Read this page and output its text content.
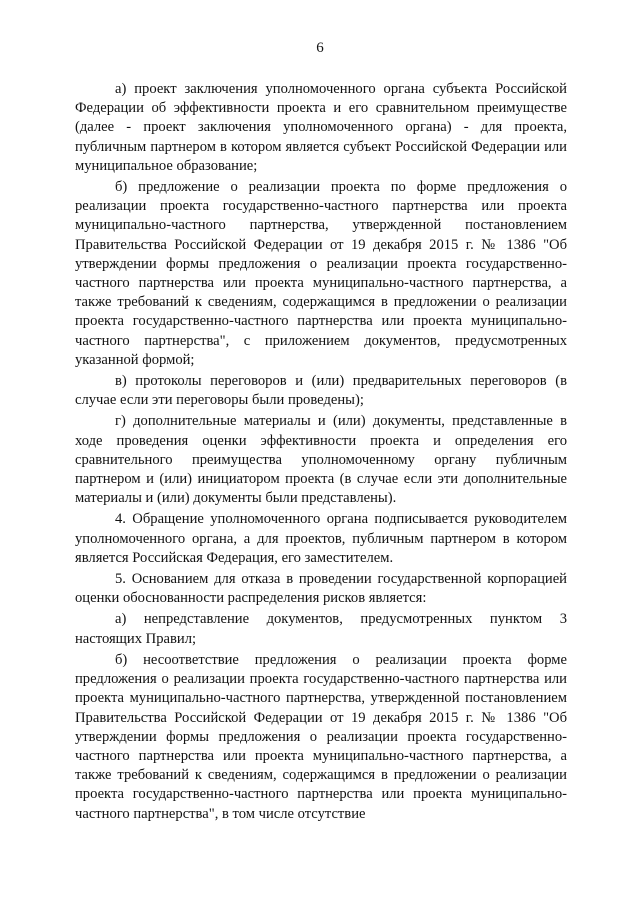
6

а) проект заключения уполномоченного органа субъекта Российской Федерации об эффективности проекта и его сравнительном преимуществе (далее - проект заключения уполномоченного органа) - для проекта, публичным партнером в котором является субъект Российской Федерации или муниципальное образование;

б) предложение о реализации проекта по форме предложения о реализации проекта государственно-частного партнерства или проекта муниципально-частного партнерства, утвержденной постановлением Правительства Российской Федерации от 19 декабря 2015 г. № 1386 "Об утверждении формы предложения о реализации проекта государственно-частного партнерства или проекта муниципально-частного партнерства, а также требований к сведениям, содержащимся в предложении о реализации проекта государственно-частного партнерства или проекта муниципально-частного партнерства", с приложением документов, предусмотренных указанной формой;

в) протоколы переговоров и (или) предварительных переговоров (в случае если эти переговоры были проведены);

г) дополнительные материалы и (или) документы, представленные в ходе проведения оценки эффективности проекта и определения его сравнительного преимущества уполномоченному органу публичным партнером и (или) инициатором проекта (в случае если эти дополнительные материалы и (или) документы были представлены).

4. Обращение уполномоченного органа подписывается руководителем уполномоченного органа, а для проектов, публичным партнером в котором является Российская Федерация, его заместителем.

5. Основанием для отказа в проведении государственной корпорацией оценки обоснованности распределения рисков является:

а) непредставление документов, предусмотренных пунктом 3 настоящих Правил;

б) несоответствие предложения о реализации проекта форме предложения о реализации проекта государственно-частного партнерства или проекта муниципально-частного партнерства, утвержденной постановлением Правительства Российской Федерации от 19 декабря 2015 г. № 1386 "Об утверждении формы предложения о реализации проекта государственно-частного партнерства или проекта муниципально-частного партнерства, а также требований к сведениям, содержащимся в предложении о реализации проекта государственно-частного партнерства или проекта муниципально-частного партнерства", в том числе отсутствие
